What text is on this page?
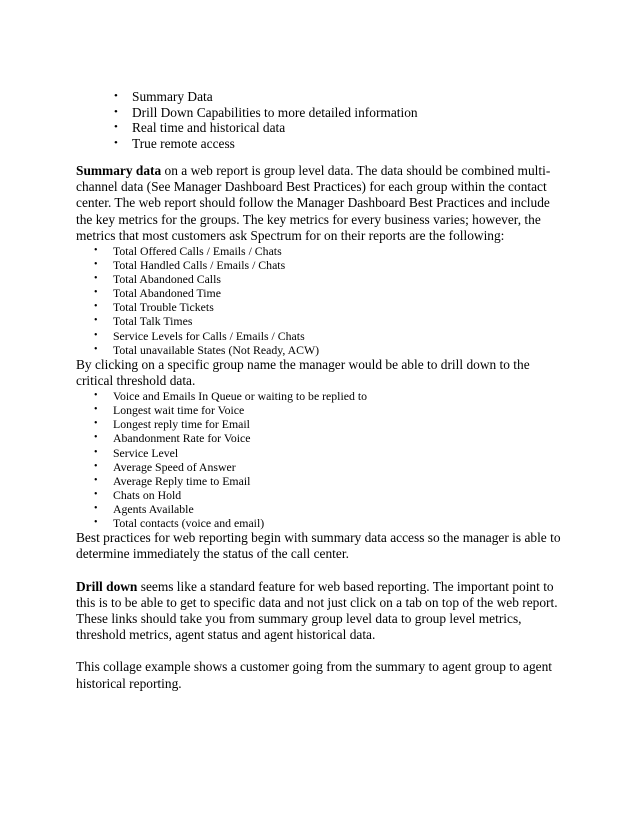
• Summary Data
• Drill Down Capabilities to more detailed information
• Real time and historical data
• True remote access

Summary data on a web report is group level data. The data should be combined multi-channel data (See Manager Dashboard Best Practices) for each group within the contact center. The web report should follow the Manager Dashboard Best Practices and include the key metrics for the groups. The key metrics for every business varies; however, the metrics that most customers ask Spectrum for on their reports are the following:

• Total Offered Calls / Emails / Chats
• Total Handled Calls / Emails / Chats
• Total Abandoned Calls
• Total Abandoned Time
• Total Trouble Tickets
• Total Talk Times
• Service Levels for Calls / Emails / Chats
• Total unavailable States (Not Ready, ACW)

By clicking on a specific group name the manager would be able to drill down to the critical threshold data.

• Voice and Emails In Queue or waiting to be replied to
• Longest wait time for Voice
• Longest reply time for Email
• Abandonment Rate for Voice
• Service Level
• Average Speed of Answer
• Average Reply time to Email
• Chats on Hold
• Agents Available
• Total contacts (voice and email)

Best practices for web reporting begin with summary data access so the manager is able to determine immediately the status of the call center.

Drill down seems like a standard feature for web based reporting. The important point to this is to be able to get to specific data and not just click on a tab on top of the web report. These links should take you from summary group level data to group level metrics, threshold metrics, agent status and agent historical data.

This collage example shows a customer going from the summary to agent group to agent historical reporting.
